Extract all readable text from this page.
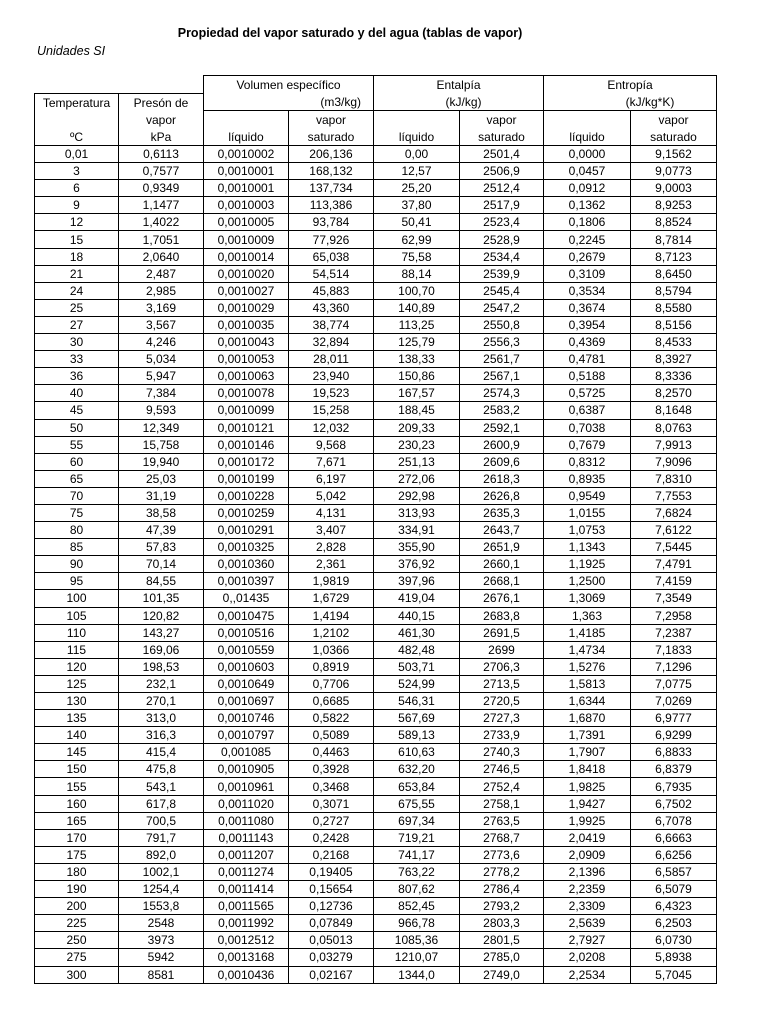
Propiedad del vapor saturado y del agua (tablas de vapor)
Unidades SI
		Volumen específico		Entalpía		Entropía	
Temperatura	Presón de	(m3/kg)		(kJ/kg)		(kJ/kg*K)	
	vapor		vapor		vapor		vapor
ºC	kPa	líquido	saturado	líquido	saturado	líquido	saturado
0,01	0,6113	0,0010002	206,136	0,00	2501,4	0,0000	9,1562
3	0,7577	0,0010001	168,132	12,57	2506,9	0,0457	9,0773
6	0,9349	0,0010001	137,734	25,20	2512,4	0,0912	9,0003
9	1,1477	0,0010003	113,386	37,80	2517,9	0,1362	8,9253
12	1,4022	0,0010005	93,784	50,41	2523,4	0,1806	8,8524
15	1,7051	0,0010009	77,926	62,99	2528,9	0,2245	8,7814
18	2,0640	0,0010014	65,038	75,58	2534,4	0,2679	8,7123
21	2,487	0,0010020	54,514	88,14	2539,9	0,3109	8,6450
24	2,985	0,0010027	45,883	100,70	2545,4	0,3534	8,5794
25	3,169	0,0010029	43,360	140,89	2547,2	0,3674	8,5580
27	3,567	0,0010035	38,774	113,25	2550,8	0,3954	8,5156
30	4,246	0,0010043	32,894	125,79	2556,3	0,4369	8,4533
33	5,034	0,0010053	28,011	138,33	2561,7	0,4781	8,3927
36	5,947	0,0010063	23,940	150,86	2567,1	0,5188	8,3336
40	7,384	0,0010078	19,523	167,57	2574,3	0,5725	8,2570
45	9,593	0,0010099	15,258	188,45	2583,2	0,6387	8,1648
50	12,349	0,0010121	12,032	209,33	2592,1	0,7038	8,0763
55	15,758	0,0010146	9,568	230,23	2600,9	0,7679	7,9913
60	19,940	0,0010172	7,671	251,13	2609,6	0,8312	7,9096
65	25,03	0,0010199	6,197	272,06	2618,3	0,8935	7,8310
70	31,19	0,0010228	5,042	292,98	2626,8	0,9549	7,7553
75	38,58	0,0010259	4,131	313,93	2635,3	1,0155	7,6824
80	47,39	0,0010291	3,407	334,91	2643,7	1,0753	7,6122
85	57,83	0,0010325	2,828	355,90	2651,9	1,1343	7,5445
90	70,14	0,0010360	2,361	376,92	2660,1	1,1925	7,4791
95	84,55	0,0010397	1,9819	397,96	2668,1	1,2500	7,4159
100	101,35	0,,01435	1,6729	419,04	2676,1	1,3069	7,3549
105	120,82	0,0010475	1,4194	440,15	2683,8	1,363	7,2958
110	143,27	0,0010516	1,2102	461,30	2691,5	1,4185	7,2387
115	169,06	0,0010559	1,0366	482,48	2699	1,4734	7,1833
120	198,53	0,0010603	0,8919	503,71	2706,3	1,5276	7,1296
125	232,1	0,0010649	0,7706	524,99	2713,5	1,5813	7,0775
130	270,1	0,0010697	0,6685	546,31	2720,5	1,6344	7,0269
135	313,0	0,0010746	0,5822	567,69	2727,3	1,6870	6,9777
140	316,3	0,0010797	0,5089	589,13	2733,9	1,7391	6,9299
145	415,4	0,001085	0,4463	610,63	2740,3	1,7907	6,8833
150	475,8	0,0010905	0,3928	632,20	2746,5	1,8418	6,8379
155	543,1	0,0010961	0,3468	653,84	2752,4	1,9825	6,7935
160	617,8	0,0011020	0,3071	675,55	2758,1	1,9427	6,7502
165	700,5	0,0011080	0,2727	697,34	2763,5	1,9925	6,7078
170	791,7	0,0011143	0,2428	719,21	2768,7	2,0419	6,6663
175	892,0	0,0011207	0,2168	741,17	2773,6	2,0909	6,6256
180	1002,1	0,0011274	0,19405	763,22	2778,2	2,1396	6,5857
190	1254,4	0,0011414	0,15654	807,62	2786,4	2,2359	6,5079
200	1553,8	0,0011565	0,12736	852,45	2793,2	2,3309	6,4323
225	2548	0,0011992	0,07849	966,78	2803,3	2,5639	6,2503
250	3973	0,0012512	0,05013	1085,36	2801,5	2,7927	6,0730
275	5942	0,0013168	0,03279	1210,07	2785,0	2,0208	5,8938
300	8581	0,0010436	0,02167	1344,0	2749,0	2,2534	5,7045
